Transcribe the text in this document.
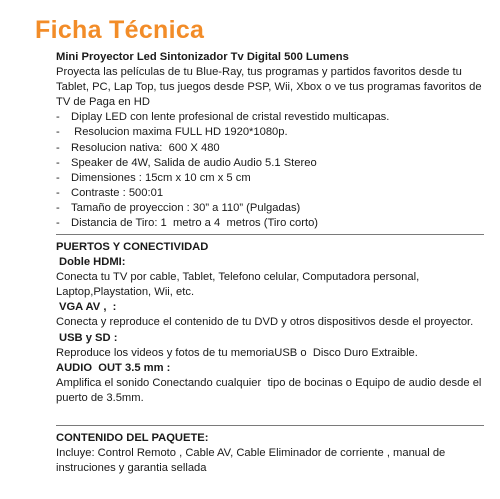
Ficha Técnica
Mini Proyector Led Sintonizador Tv Digital 500 Lumens
Proyecta las películas de tu Blue-Ray, tus programas y partidos favoritos desde tu Tablet, PC, Lap Top, tus juegos desde PSP, Wii, Xbox o ve tus programas favoritos de TV de Paga en HD
-	Diplay LED con lente profesional de cristal revestido multicapas.
-	Resolucion maxima FULL HD 1920*1080p.
-	Resolucion nativa:  600 X 480
-	Speaker de 4W, Salida de audio Audio 5.1 Stereo
-	Dimensiones : 15cm x 10 cm x 5 cm
-	Contraste : 500:01
-	Tamaño de proyeccion : 30” a 110” (Pulgadas)
-	Distancia de Tiro: 1  metro a 4  metros (Tiro corto)
PUERTOS Y CONECTIVIDAD
Doble HDMI:
Conecta tu TV por cable, Tablet, Telefono celular, Computadora personal, Laptop,Playstation, Wii, etc.
VGA AV ,  :
Conecta y reproduce el contenido de tu DVD y otros dispositivos desde el proyector.
USB y SD :
Reproduce los videos y fotos de tu memoriaUSB o  Disco Duro Extraible.
AUDIO  OUT 3.5 mm :
Amplifica el sonido Conectando cualquier  tipo de bocinas o Equipo de audio desde el puerto de 3.5mm.
CONTENIDO DEL PAQUETE:
Incluye: Control Remoto , Cable AV, Cable Eliminador de corriente , manual de instruciones y garantia sellada
